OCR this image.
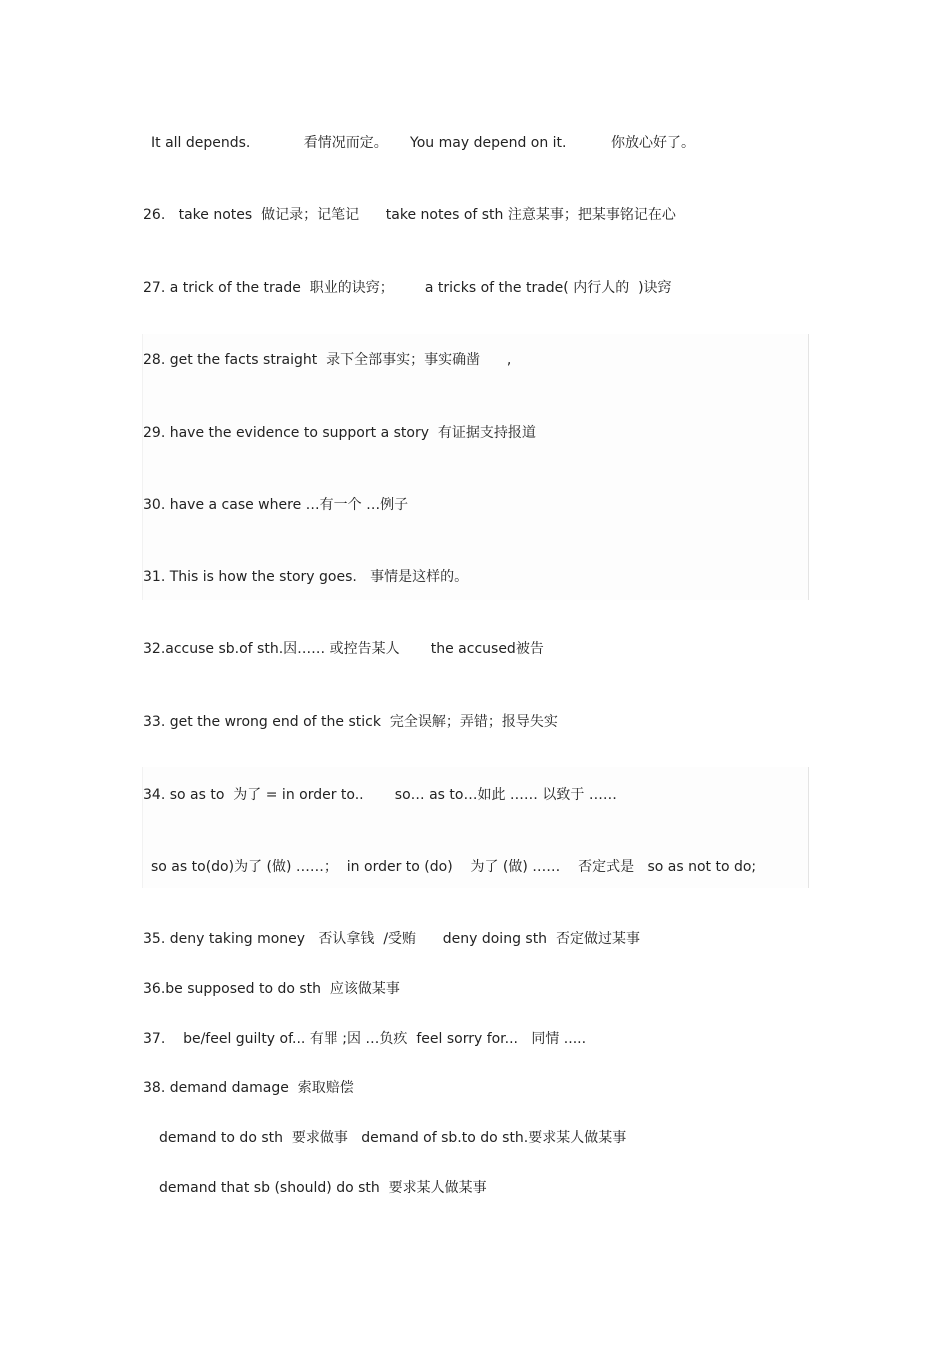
It all depends.            看情况而定。     You may depend on it.          你放心好了。
26.   take notes  做记录；记笔记      take notes of sth 注意某事；把某事铭记在心
27. a trick of the trade  职业的诀窍；       a tricks of the trade( 内行人的  )诀窍
28. get the facts straight  录下全部事实；事实确凿      ,
29. have the evidence to support a story  有证据支持报道
30. have a case where …有一个 …例子
31. This is how the story goes.   事情是这样的。
32.accuse sb.of sth.因…… 或控告某人       the accused被告
33. get the wrong end of the stick  完全误解；弄错；报导失实
34. so as to  为了 = in order to..       so… as to…如此 …… 以致于 ……
so as to(do)为了 (做) ……；  in order to (do)    为了 (做) ……    否定式是   so as not to do;
35. deny taking money   否认拿钱  /受贿      deny doing sth  否定做过某事
36.be supposed to do sth  应该做某事
37.    be/feel guilty of... 有罪 ;因 …负疚  feel sorry for...   同情 .....
38. demand damage  索取赔偿
demand to do sth  要求做事   demand of sb.to do sth.要求某人做某事
demand that sb (should) do sth  要求某人做某事
